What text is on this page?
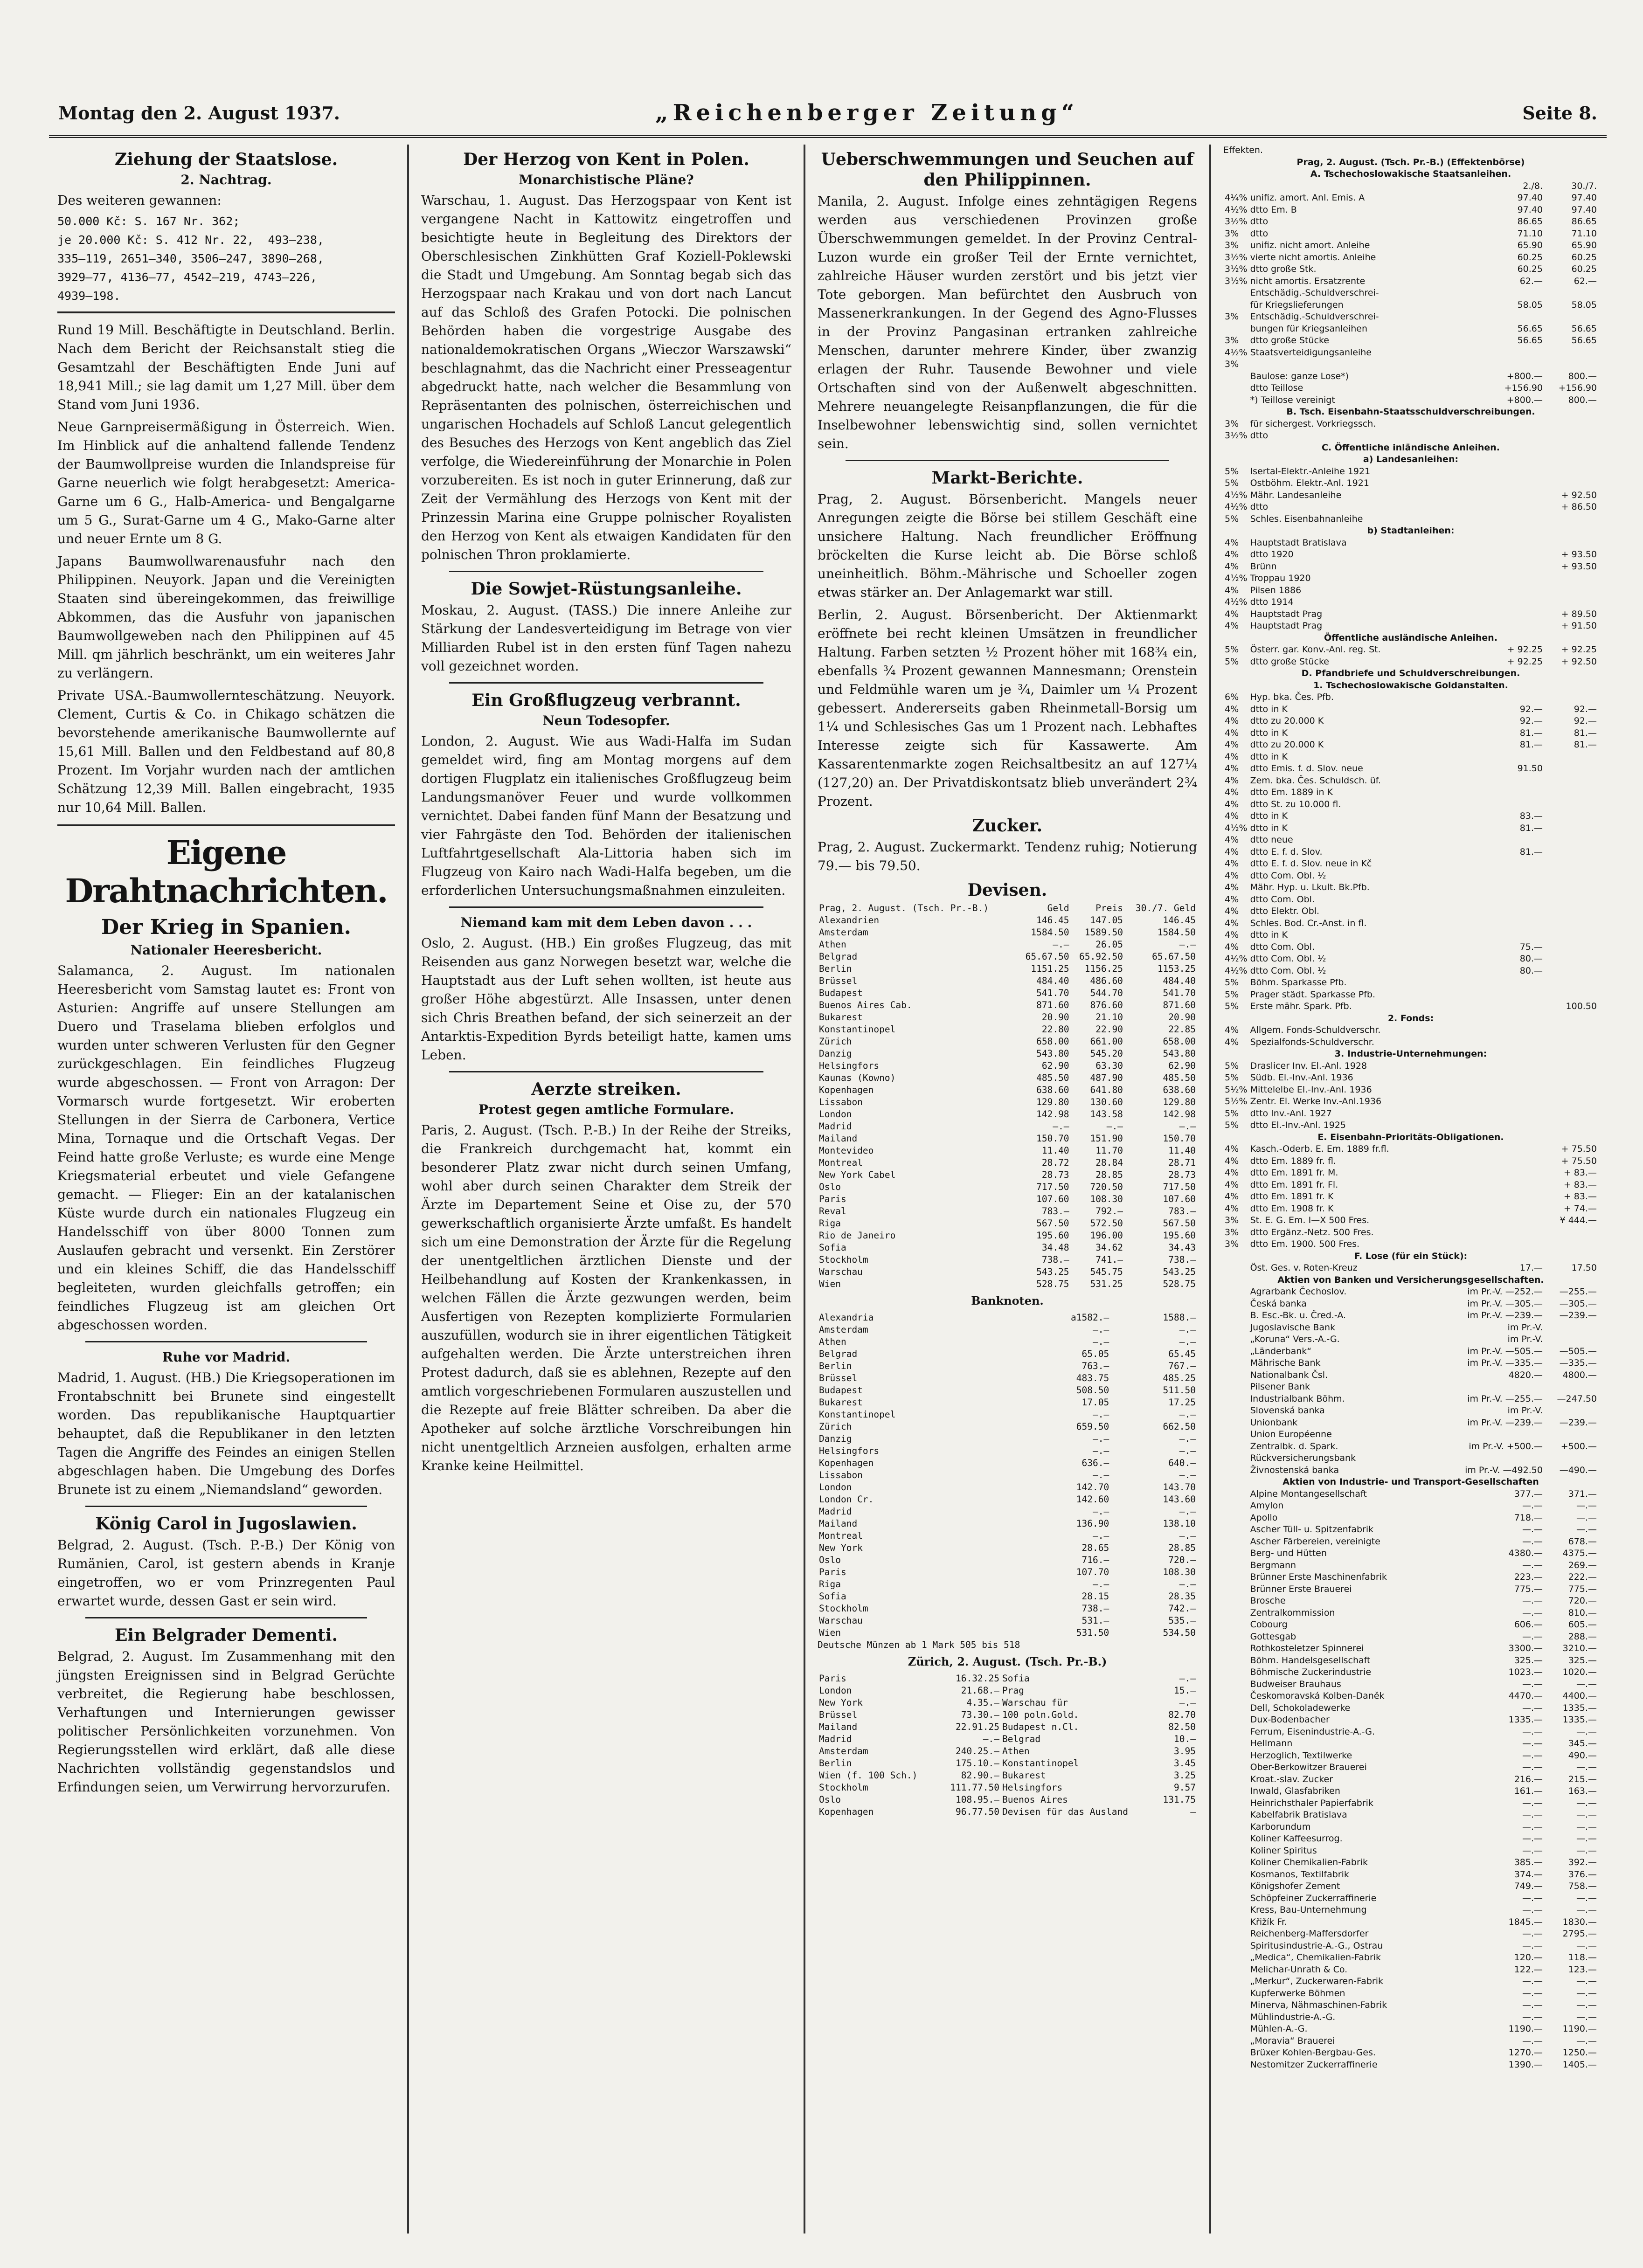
Montag den 2. August 1937.	„Reichenberger Zeitung“	Seite 8.
Ziehung der Staatslose.
2. Nachtrag.

Des weiteren gewannen:

50.000 Kč: S. 167 Nr. 362;
je 20.000 Kč: S. 412 Nr. 22,  493—238,
335—119, 2651—340, 3506—247, 3890—268,
3929—77, 4136—77, 4542—219, 4743—226,
4939—198.

Rund 19 Mill. Beschäftigte in Deutschland. Berlin. Nach dem Bericht der Reichsanstalt stieg die Gesamtzahl der Beschäftigten Ende Juni auf 18,941 Mill.; sie lag damit um 1,27 Mill. über dem Stand vom Juni 1936.

Neue Garnpreisermäßigung in Österreich. Wien. Im Hinblick auf die anhaltend fallende Tendenz der Baumwollpreise wurden die Inlandspreise für Garne neuerlich wie folgt herabgesetzt: America-Garne um 6 G., Halb-America- und Bengalgarne um 5 G., Surat-Garne um 4 G., Mako-Garne alter und neuer Ernte um 8 G.

Japans Baumwollwarenausfuhr nach den Philippinen. Neuyork. Japan und die Vereinigten Staaten sind übereingekommen, das freiwillige Abkommen, das die Ausfuhr von japanischen Baumwollgeweben nach den Philippinen auf 45 Mill. qm jährlich beschränkt, um ein weiteres Jahr zu verlängern.

Private USA.-Baumwollernteschätzung. Neuyork. Clement, Curtis & Co. in Chikago schätzen die bevorstehende amerikanische Baumwollernte auf 15,61 Mill. Ballen und den Feldbestand auf 80,8 Prozent. Im Vorjahr wurden nach der amtlichen Schätzung 12,39 Mill. Ballen eingebracht, 1935 nur 10,64 Mill. Ballen.

Eigene Drahtnachrichten.
Der Krieg in Spanien.
Nationaler Heeresbericht.

Salamanca, 2. August. Im nationalen Heeresbericht vom Samstag lautet es: Front von Asturien: Angriffe auf unsere Stellungen am Duero und Traselama blieben erfolglos und wurden unter schweren Verlusten für den Gegner zurückgeschlagen. Ein feindliches Flugzeug wurde abgeschossen. — Front von Arragon: Der Vormarsch wurde fortgesetzt. Wir eroberten Stellungen in der Sierra de Carbonera, Vertice Mina, Tornaque und die Ortschaft Vegas. Der Feind hatte große Verluste; es wurde eine Menge Kriegsmaterial erbeutet und viele Gefangene gemacht. — Flieger: Ein an der katalanischen Küste wurde durch ein nationales Flugzeug ein Handelsschiff von über 8000 Tonnen zum Auslaufen gebracht und versenkt. Ein Zerstörer und ein kleines Schiff, die das Handelsschiff begleiteten, wurden gleichfalls getroffen; ein feindliches Flugzeug ist am gleichen Ort abgeschossen worden.

Ruhe vor Madrid.

Madrid, 1. August. (HB.) Die Kriegsoperationen im Frontabschnitt bei Brunete sind eingestellt worden. Das republikanische Hauptquartier behauptet, daß die Republikaner in den letzten Tagen die Angriffe des Feindes an einigen Stellen abgeschlagen haben. Die Umgebung des Dorfes Brunete ist zu einem „Niemandsland“ geworden.

König Carol in Jugoslawien.

Belgrad, 2. August. (Tsch. P.-B.) Der König von Rumänien, Carol, ist gestern abends in Kranje eingetroffen, wo er vom Prinzregenten Paul erwartet wurde, dessen Gast er sein wird.

Ein Belgrader Dementi.

Belgrad, 2. August. Im Zusammenhang mit den jüngsten Ereignissen sind in Belgrad Gerüchte verbreitet, die Regierung habe beschlossen, Verhaftungen und Internierungen gewisser politischer Persönlichkeiten vorzunehmen. Von Regierungsstellen wird erklärt, daß alle diese Nachrichten vollständig gegenstandslos und Erfindungen seien, um Verwirrung hervorzurufen.

Der Herzog von Kent in Polen.
Monarchistische Pläne?

Warschau, 1. August. Das Herzogspaar von Kent ist vergangene Nacht in Kattowitz eingetroffen und besichtigte heute in Begleitung des Direktors der Oberschlesischen Zinkhütten Graf Koziell-Poklewski die Stadt und Umgebung. Am Sonntag begab sich das Herzogspaar nach Krakau und von dort nach Lancut auf das Schloß des Grafen Potocki. Die polnischen Behörden haben die vorgestrige Ausgabe des nationaldemokratischen Organs „Wieczor Warszawski“ beschlagnahmt, das die Nachricht einer Presseagentur abgedruckt hatte, nach welcher die Besammlung von Repräsentanten des polnischen, österreichischen und ungarischen Hochadels auf Schloß Lancut gelegentlich des Besuches des Herzogs von Kent angeblich das Ziel verfolge, die Wiedereinführung der Monarchie in Polen vorzubereiten. Es ist noch in guter Erinnerung, daß zur Zeit der Vermählung des Herzogs von Kent mit der Prinzessin Marina eine Gruppe polnischer Royalisten den Herzog von Kent als etwaigen Kandidaten für den polnischen Thron proklamierte.

Die Sowjet-Rüstungsanleihe.

Moskau, 2. August. (TASS.) Die innere Anleihe zur Stärkung der Landesverteidigung im Betrage von vier Milliarden Rubel ist in den ersten fünf Tagen nahezu voll gezeichnet worden.

Ein Großflugzeug verbrannt.
Neun Todesopfer.

London, 2. August. Wie aus Wadi-Halfa im Sudan gemeldet wird, fing am Montag morgens auf dem dortigen Flugplatz ein italienisches Großflugzeug beim Landungsmanöver Feuer und wurde vollkommen vernichtet. Dabei fanden fünf Mann der Besatzung und vier Fahrgäste den Tod. Behörden der italienischen Luftfahrtgesellschaft Ala-Littoria haben sich im Flugzeug von Kairo nach Wadi-Halfa begeben, um die erforderlichen Untersuchungsmaßnahmen einzuleiten.

Niemand kam mit dem Leben davon . . .

Oslo, 2. August. (HB.) Ein großes Flugzeug, das mit Reisenden aus ganz Norwegen besetzt war, welche die Hauptstadt aus der Luft sehen wollten, ist heute aus großer Höhe abgestürzt. Alle Insassen, unter denen sich Chris Breathen befand, der sich seinerzeit an der Antarktis-Expedition Byrds beteiligt hatte, kamen ums Leben.

Aerzte streiken.
Protest gegen amtliche Formulare.

Paris, 2. August. (Tsch. P.-B.) In der Reihe der Streiks, die Frankreich durchgemacht hat, kommt ein besonderer Platz zwar nicht durch seinen Umfang, wohl aber durch seinen Charakter dem Streik der Ärzte im Departement Seine et Oise zu, der 570 gewerkschaftlich organisierte Ärzte umfaßt. Es handelt sich um eine Demonstration der Ärzte für die Regelung der unentgeltlichen ärztlichen Dienste und der Heilbehandlung auf Kosten der Krankenkassen, in welchen Fällen die Ärzte gezwungen werden, beim Ausfertigen von Rezepten komplizierte Formularien auszufüllen, wodurch sie in ihrer eigentlichen Tätigkeit aufgehalten werden. Die Ärzte unterstreichen ihren Protest dadurch, daß sie es ablehnen, Rezepte auf den amtlich vorgeschriebenen Formularen auszustellen und die Rezepte auf freie Blätter schreiben. Da aber die Apotheker auf solche ärztliche Vorschreibungen hin nicht unentgeltlich Arzneien ausfolgen, erhalten arme Kranke keine Heilmittel.

Ueberschwemmungen und Seuchen auf den Philippinnen.

Manila, 2. August. Infolge eines zehntägigen Regens werden aus verschiedenen Provinzen große Überschwemmungen gemeldet. In der Provinz Central-Luzon wurde ein großer Teil der Ernte vernichtet, zahlreiche Häuser wurden zerstört und bis jetzt vier Tote geborgen. Man befürchtet den Ausbruch von Massenerkrankungen. In der Gegend des Agno-Flusses in der Provinz Pangasinan ertranken zahlreiche Menschen, darunter mehrere Kinder, über zwanzig erlagen der Ruhr. Tausende Bewohner und viele Ortschaften sind von der Außenwelt abgeschnitten. Mehrere neuangelegte Reisanpflanzungen, die für die Inselbewohner lebenswichtig sind, sollen vernichtet sein.

Markt-Berichte.

Prag, 2. August. Börsenbericht. Mangels neuer Anregungen zeigte die Börse bei stillem Geschäft eine unsichere Haltung. Nach freundlicher Eröffnung bröckelten die Kurse leicht ab. Die Börse schloß uneinheitlich. Böhm.-Mährische und Schoeller zogen etwas stärker an. Der Anlagemarkt war still.

Berlin, 2. August. Börsenbericht. Der Aktienmarkt eröffnete bei recht kleinen Umsätzen in freundlicher Haltung. Farben setzten ½ Prozent höher mit 168¾ ein, ebenfalls ¾ Prozent gewannen Mannesmann; Orenstein und Feldmühle waren um je ¾, Daimler um ¼ Prozent gebessert. Andererseits gaben Rheinmetall-Borsig um 1¼ und Schlesisches Gas um 1 Prozent nach. Lebhaftes Interesse zeigte sich für Kassawerte. Am Kassarentenmarkte zogen Reichsaltbesitz an auf 127¼ (127,20) an. Der Privatdiskontsatz blieb unverändert 2¾ Prozent.

Zucker.

Prag, 2. August. Zuckermarkt. Tendenz ruhig; Notierung 79.— bis 79.50.

Devisen.
Prag, 2. August. (Tsch. Pr.-B.)	Geld	Preis	30./7. Geld
Alexandrien	146.45	147.05	146.45
Amsterdam	1584.50	1589.50	1584.50
Athen	—.—	26.05	—.—
Belgrad	65.67.50	65.92.50	65.67.50
Berlin	1151.25	1156.25	1153.25
Brüssel	484.40	486.60	484.40
Budapest	541.70	544.70	541.70
Buenos Aires Cab.	871.60	876.60	871.60
Bukarest	20.90	21.10	20.90
Konstantinopel	22.80	22.90	22.85
Zürich	658.00	661.00	658.00
Danzig	543.80	545.20	543.80
Helsingfors	62.90	63.30	62.90
Kaunas (Kowno)	485.50	487.90	485.50
Kopenhagen	638.60	641.80	638.60
Lissabon	129.80	130.60	129.80
London	142.98	143.58	142.98
Madrid	—.—	—.—	—.—
Mailand	150.70	151.90	150.70
Montevideo	11.40	11.70	11.40
Montreal	28.72	28.84	28.71
New York Cabel	28.73	28.85	28.73
Oslo	717.50	720.50	717.50
Paris	107.60	108.30	107.60
Reval	783.—	792.—	783.—
Riga	567.50	572.50	567.50
Rio de Janeiro	195.60	196.00	195.60
Sofia	34.48	34.62	34.43
Stockholm	738.—	741.—	738.—
Warschau	543.25	545.75	543.25
Wien	528.75	531.25	528.75
Banknoten.
Alexandria	a1582.—	1588.—
Amsterdam	—.—	—.—
Athen	—.—	—.—
Belgrad	65.05	65.45
Berlin	763.—	767.—
Brüssel	483.75	485.25
Budapest	508.50	511.50
Bukarest	17.05	17.25
Konstantinopel	—.—	—.—
Zürich	659.50	662.50
Danzig	—.—	—.—
Helsingfors	—.—	—.—
Kopenhagen	636.—	640.—
Lissabon	—.—	—.—
London	142.70	143.70
London Cr.	142.60	143.60
Madrid	—.—	—.—
Mailand	136.90	138.10
Montreal	—.—	—.—
New York	28.65	28.85
Oslo	716.—	720.—
Paris	107.70	108.30
Riga	—.—	—.—
Sofia	28.15	28.35
Stockholm	738.—	742.—
Warschau	531.—	535.—
Wien	531.50	534.50
Deutsche Münzen ab 1 Mark 505 bis 518
Zürich, 2. August. (Tsch. Pr.-B.)
Paris	16.32.25	Sofia	—.—
London	21.68.—	Prag	15.—
New York	4.35.—	Warschau für	—.—
Brüssel	73.30.—	100 poln.Gold.	82.70
Mailand	22.91.25	Budapest n.Cl.	82.50
Madrid	—.—	Belgrad	10.—
Amsterdam	240.25.—	Athen	3.95
Berlin	175.10.—	Konstantinopel	3.45
Wien (f. 100 Sch.)	82.90.—	Bukarest	3.25
Stockholm	111.77.50	Helsingfors	9.57
Oslo	108.95.—	Buenos Aires	131.75
Kopenhagen	96.77.50	Devisen für das Ausland	—
Effekten.
Prag, 2. August. (Tsch. Pr.-B.) (Effektenbörse)
A. Tschechoslowakische Staatsanleihen.			
		2./8.	30./7.
4¼%	unifiz. amort. Anl. Emis. A	97.40	97.40
4½%	dtto Em. B	97.40	97.40
3½%	dtto	86.65	86.65
3%	dtto	71.10	71.10
3%	unifiz. nicht amort. Anleihe	65.90	65.90
3½%	vierte nicht amortis. Anleihe	60.25	60.25
3½%	dtto große Stk.	60.25	60.25
3½%	nicht amortis. Ersatzrente	62.—	62.—
	Entschädig.-Schuldverschrei-		
	für Kriegslieferungen	58.05	58.05
3%	Entschädig.-Schuldverschrei-		
	bungen für Kriegsanleihen	56.65	56.65
3%	dtto große Stücke	56.65	56.65
4½%	Staatsverteidigungsanleihe		
3%			
	Baulose: ganze Lose*)	+800.—	800.—
	dtto Teillose	+156.90	+156.90
	*) Teillose vereinigt	+800.—	800.—
B. Tsch. Eisenbahn-Staatsschuldverschreibungen.			
3%	für sichergest. Vorkriegssch.		
3½%	dtto		
C. Öffentliche inländische Anleihen.			
a) Landesanleihen:			
5%	Isertal-Elektr.-Anleihe 1921		
5%	Ostböhm. Elektr.-Anl. 1921		
4½%	Mähr. Landesanleihe		+ 92.50
4½%	dtto		+ 86.50
5%	Schles. Eisenbahnanleihe		
b) Stadtanleihen:			
4%	Hauptstadt Bratislava		
4%	dtto 1920		+ 93.50
4%	Brünn		+ 93.50
4½%	Troppau 1920		
4%	Pilsen 1886		
4½%	dtto 1914		
4%	Hauptstadt Prag		+ 89.50
4%	Hauptstadt Prag		+ 91.50
Öffentliche ausländische Anleihen.			
5%	Österr. gar. Konv.-Anl. reg. St.	+ 92.25	+ 92.25
5%	dtto große Stücke	+ 92.25	+ 92.50
D. Pfandbriefe und Schuldverschreibungen.			
1. Tschechoslowakische Goldanstalten.			
6%	Hyp. bka. Čes. Pfb.		
4%	dtto in K	92.—	92.—
4%	dtto zu 20.000 K	92.—	92.—
4%	dtto in K	81.—	81.—
4%	dtto zu 20.000 K	81.—	81.—
4%	dtto in K		
4%	dtto Emis. f. d. Slov. neue	91.50	
4%	Zem. bka. Čes. Schuldsch. üf.		
4%	dtto Em. 1889 in K		
4%	dtto St. zu 10.000 fl.		
4%	dtto in K	83.—	
4½%	dtto in K	81.—	
4%	dtto neue		
4%	dtto E. f. d. Slov.	81.—	
4%	dtto E. f. d. Slov. neue in Kč		
4%	dtto Com. Obl. ½		
4%	Mähr. Hyp. u. Lkult. Bk.Pfb.		
4%	dtto Com. Obl.		
4%	dtto Elektr. Obl.		
4%	Schles. Bod. Cr.-Anst. in fl.		
4%	dtto in K		
4%	dtto Com. Obl.	75.—	
4½%	dtto Com. Obl. ½	80.—	
4½%	dtto Com. Obl. ½	80.—	
5%	Böhm. Sparkasse Pfb.		
5%	Prager städt. Sparkasse Pfb.		
5%	Erste mähr. Spark. Pfb.		100.50
2. Fonds:			
4%	Allgem. Fonds-Schuldverschr.		
4%	Spezialfonds-Schuldverschr.		
3. Industrie-Unternehmungen:			
5%	Draslicer Inv. El.-Anl. 1928		
5%	Südb. El.-Inv.-Anl. 1936		
5½%	Mittelelbe El.-Inv.-Anl. 1936		
5½%	Zentr. El. Werke Inv.-Anl.1936		
5%	dtto Inv.-Anl. 1927		
5%	dtto El.-Inv.-Anl. 1925		
E. Eisenbahn-Prioritäts-Obligationen.			
4%	Kasch.-Oderb. E. Em. 1889 fr.fl.		+ 75.50
4%	dtto Em. 1889 fr. fl.		+ 75.50
4%	dtto Em. 1891 fr. M.		+ 83.—
4%	dtto Em. 1891 fr. Fl.		+ 83.—
4%	dtto Em. 1891 fr. K		+ 83.—
4%	dtto Em. 1908 fr. K		+ 74.—
3%	St. E. G. Em. I—X 500 Fres.		¥ 444.—
3%	dtto Ergänz.-Netz. 500 Fres.		
3%	dtto Em. 1900. 500 Fres.		
F. Lose (für ein Stück):			
	Öst. Ges. v. Roten-Kreuz	17.—	17.50
Aktien von Banken und Versicherungsgesellschaften.			
	Agrarbank Čechoslov.	im Pr.-V. —252.—	—255.—
	Česká banka	im Pr.-V. —305.—	—305.—
	B. Esc.-Bk. u. Čred.-A.	im Pr.-V. —239.—	—239.—
	Jugoslavische Bank	im Pr.-V.	
	„Koruna“ Vers.-A.-G.	im Pr.-V.	
	„Länderbank“	im Pr.-V. —505.—	—505.—
	Mährische Bank	im Pr.-V. —335.—	—335.—
	Nationalbank Čsl.	4820.—	4800.—
	Pilsener Bank		
	Industrialbank Böhm.	im Pr.-V. —255.—	—247.50
	Slovenská banka	im Pr.-V.	
	Unionbank	im Pr.-V. —239.—	—239.—
	Union Européenne		
	Zentralbk. d. Spark.	im Pr.-V. +500.—	+500.—
	Rückversicherungsbank		
	Živnostenská banka	im Pr.-V. —492.50	—490.—
Aktien von Industrie- und Transport-Gesellschaften			
	Alpine Montangesellschaft	377.—	371.—
	Amylon	—.—	—.—
	Apollo	718.—	—.—
	Ascher Tüll- u. Spitzenfabrik	—.—	—.—
	Ascher Färbereien, vereinigte	—.—	678.—
	Berg- und Hütten	4380.—	4375.—
	Bergmann	—.—	269.—
	Brünner Erste Maschinenfabrik	223.—	222.—
	Brünner Erste Brauerei	775.—	775.—
	Brosche	—.—	720.—
	Zentralkommission	—.—	810.—
	Cobourg	606.—	605.—
	Gottesgab	—.—	288.—
	Rothkosteletzer Spinnerei	3300.—	3210.—
	Böhm. Handelsgesellschaft	325.—	325.—
	Böhmische Zuckerindustrie	1023.—	1020.—
	Budweiser Brauhaus	—.—	—.—
	Českomoravská Kolben-Daněk	4470.—	4400.—
	Dell, Schokoladewerke	—.—	1335.—
	Dux-Bodenbacher	1335.—	1335.—
	Ferrum, Eisenindustrie-A.-G.	—.—	—.—
	Hellmann	—.—	345.—
	Herzoglich, Textilwerke	—.—	490.—
	Ober-Berkowitzer Brauerei	—.—	—.—
	Kroat.-slav. Zucker	216.—	215.—
	Inwald, Glasfabriken	161.—	163.—
	Heinrichsthaler Papierfabrik	—.—	—.—
	Kabelfabrik Bratislava	—.—	—.—
	Karborundum	—.—	—.—
	Koliner Kaffeesurrog.	—.—	—.—
	Koliner Spiritus	—.—	—.—
	Koliner Chemikalien-Fabrik	385.—	392.—
	Kosmanos, Textilfabrik	374.—	376.—
	Königshofer Zement	749.—	758.—
	Schöpfeiner Zuckerraffinerie	—.—	—.—
	Kress, Bau-Unternehmung	—.—	—.—
	Křižík Fr.	1845.—	1830.—
	Reichenberg-Maffersdorfer	—.—	2795.—
	Spiritusindustrie-A.-G., Ostrau	—.—	—.—
	„Medica“, Chemikalien-Fabrik	120.—	118.—
	Melichar-Unrath & Co.	122.—	123.—
	„Merkur“, Zuckerwaren-Fabrik	—.—	—.—
	Kupferwerke Böhmen	—.—	—.—
	Minerva, Nähmaschinen-Fabrik	—.—	—.—
	Mühlindustrie-A.-G.	—.—	—.—
	Mühlen-A.-G.	1190.—	1190.—
	„Moravia“ Brauerei	—.—	—.—
	Brüxer Kohlen-Bergbau-Ges.	1270.—	1250.—
	Nestomitzer Zuckerraffinerie	1390.—	1405.—
